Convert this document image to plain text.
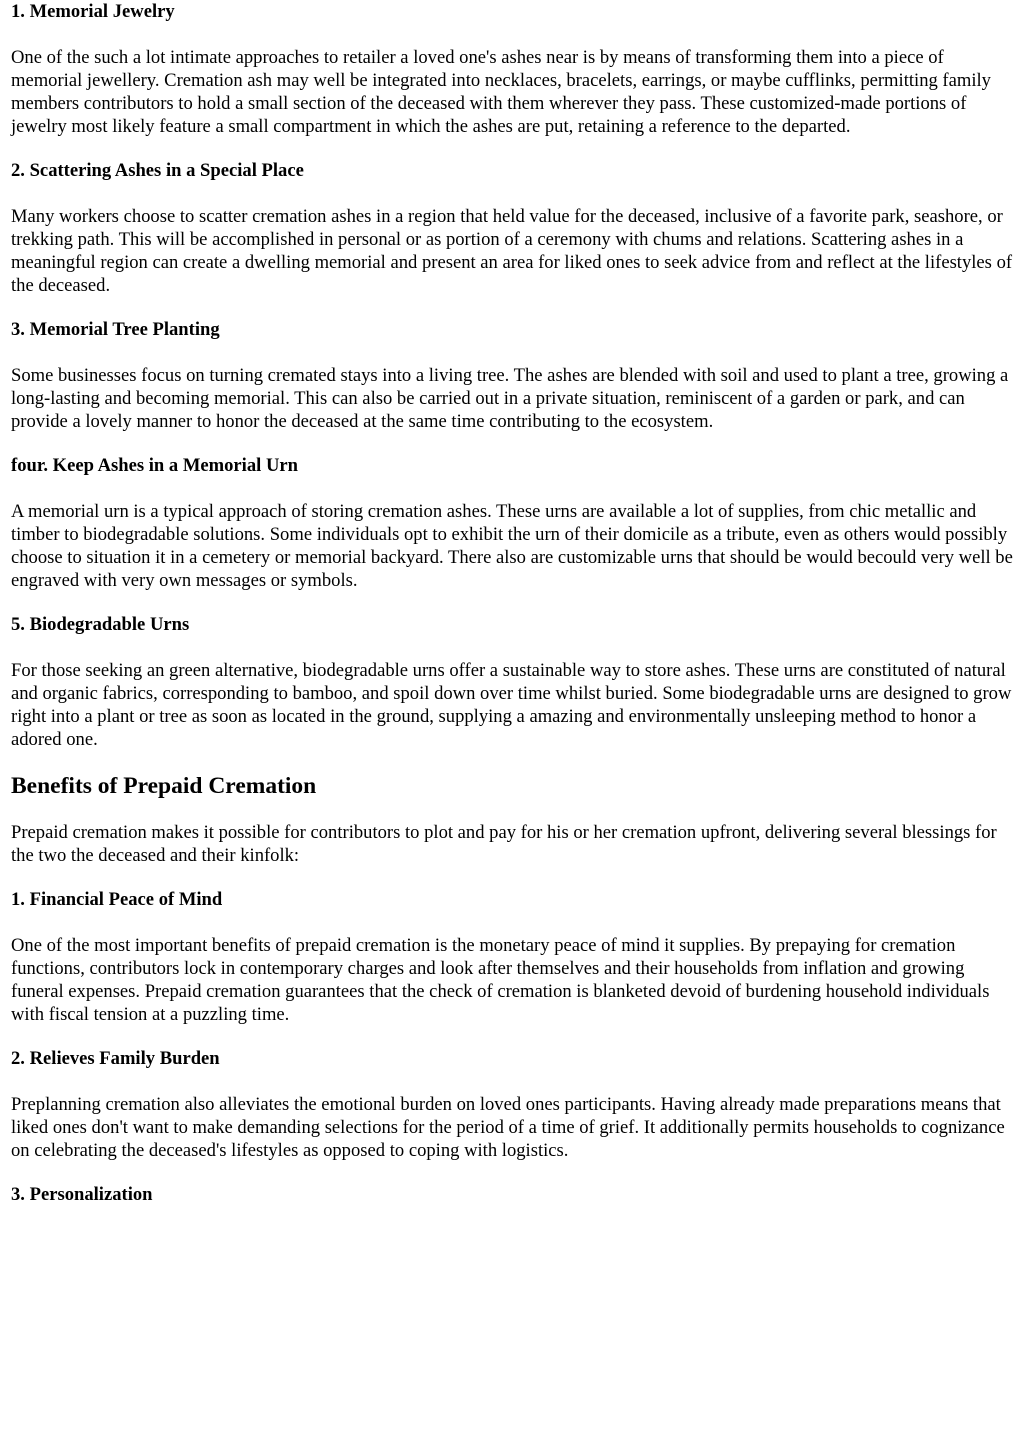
1. Memorial Jewelry

One of the such a lot intimate approaches to retailer a loved one's ashes near is by means of transforming them into a piece of memorial jewellery. Cremation ash may well be integrated into necklaces, bracelets, earrings, or maybe cufflinks, permitting family members contributors to hold a small section of the deceased with them wherever they pass. These customized-made portions of jewelry most likely feature a small compartment in which the ashes are put, retaining a reference to the departed.

2. Scattering Ashes in a Special Place

Many workers choose to scatter cremation ashes in a region that held value for the deceased, inclusive of a favorite park, seashore, or trekking path. This will be accomplished in personal or as portion of a ceremony with chums and relations. Scattering ashes in a meaningful region can create a dwelling memorial and present an area for liked ones to seek advice from and reflect at the lifestyles of the deceased.

3. Memorial Tree Planting

Some businesses focus on turning cremated stays into a living tree. The ashes are blended with soil and used to plant a tree, growing a long-lasting and becoming memorial. This can also be carried out in a private situation, reminiscent of a garden or park, and can provide a lovely manner to honor the deceased at the same time contributing to the ecosystem.

four. Keep Ashes in a Memorial Urn

A memorial urn is a typical approach of storing cremation ashes. These urns are available a lot of supplies, from chic metallic and timber to biodegradable solutions. Some individuals opt to exhibit the urn of their domicile as a tribute, even as others would possibly choose to situation it in a cemetery or memorial backyard. There also are customizable urns that should be would becould very well be engraved with very own messages or symbols.

5. Biodegradable Urns

For those seeking an green alternative, biodegradable urns offer a sustainable way to store ashes. These urns are constituted of natural and organic fabrics, corresponding to bamboo, and spoil down over time whilst buried. Some biodegradable urns are designed to grow right into a plant or tree as soon as located in the ground, supplying a amazing and environmentally unsleeping method to honor a adored one.

Benefits of Prepaid Cremation

Prepaid cremation makes it possible for contributors to plot and pay for his or her cremation upfront, delivering several blessings for the two the deceased and their kinfolk:

1. Financial Peace of Mind

One of the most important benefits of prepaid cremation is the monetary peace of mind it supplies. By prepaying for cremation functions, contributors lock in contemporary charges and look after themselves and their households from inflation and growing funeral expenses. Prepaid cremation guarantees that the check of cremation is blanketed devoid of burdening household individuals with fiscal tension at a puzzling time.

2. Relieves Family Burden

Preplanning cremation also alleviates the emotional burden on loved ones participants. Having already made preparations means that liked ones don't want to make demanding selections for the period of a time of grief. It additionally permits households to cognizance on celebrating the deceased's lifestyles as opposed to coping with logistics.

3. Personalization
